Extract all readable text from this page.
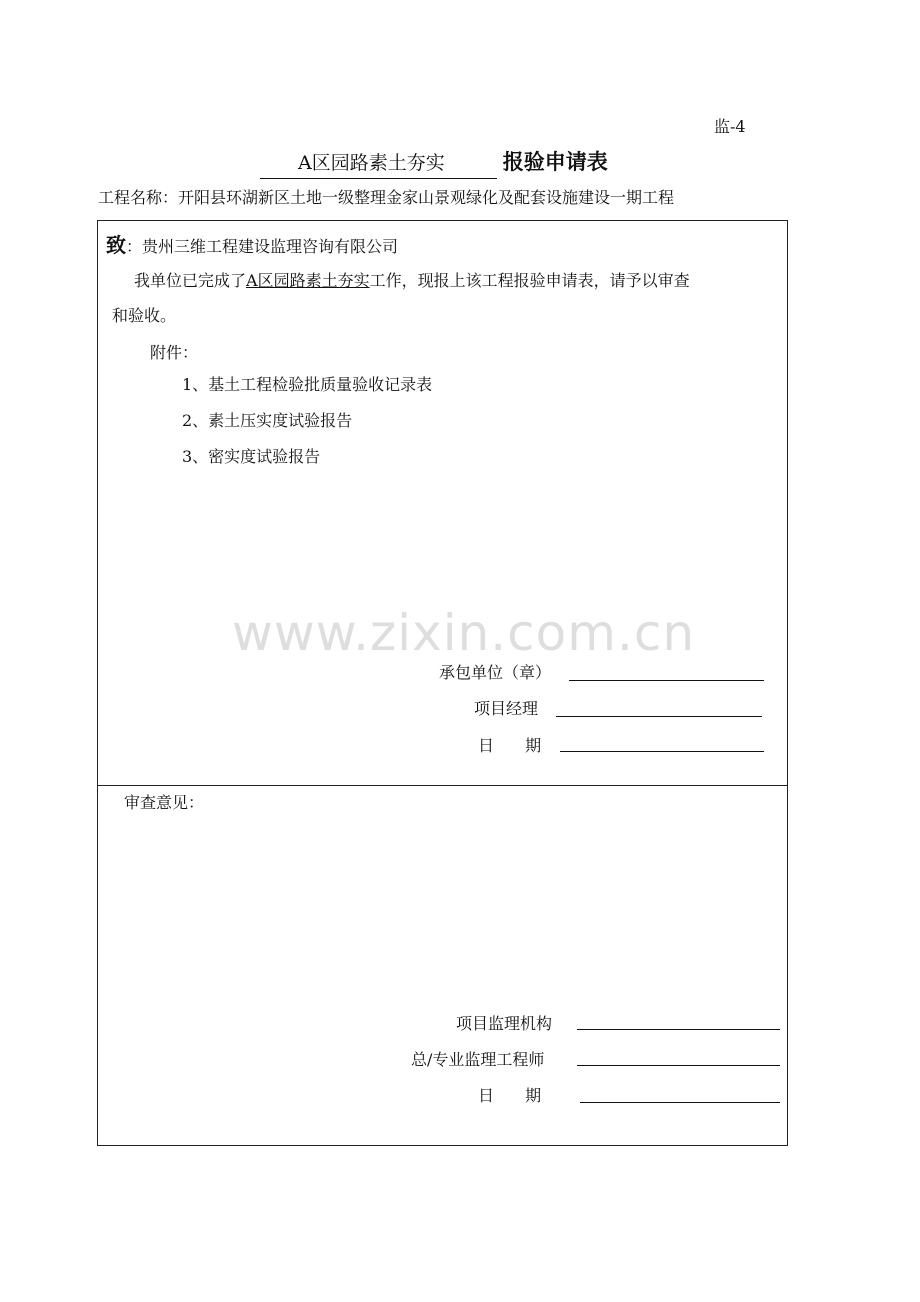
监-4
A区园路素土夯实	报验申请表
工程名称：开阳县环湖新区土地一级整理金家山景观绿化及配套设施建设一期工程
致：贵州三维工程建设监理咨询有限公司
我单位已完成了A区园路素土夯实工作，现报上该工程报验申请表，请予以审查
和验收。
附件：
1、基土工程检验批质量验收记录表
2、素土压实度试验报告
3、密实度试验报告
www.zixin.com.cn
承包单位（章）
项目经理
日 期
审查意见：
项目监理机构
总/专业监理工程师
日 期
